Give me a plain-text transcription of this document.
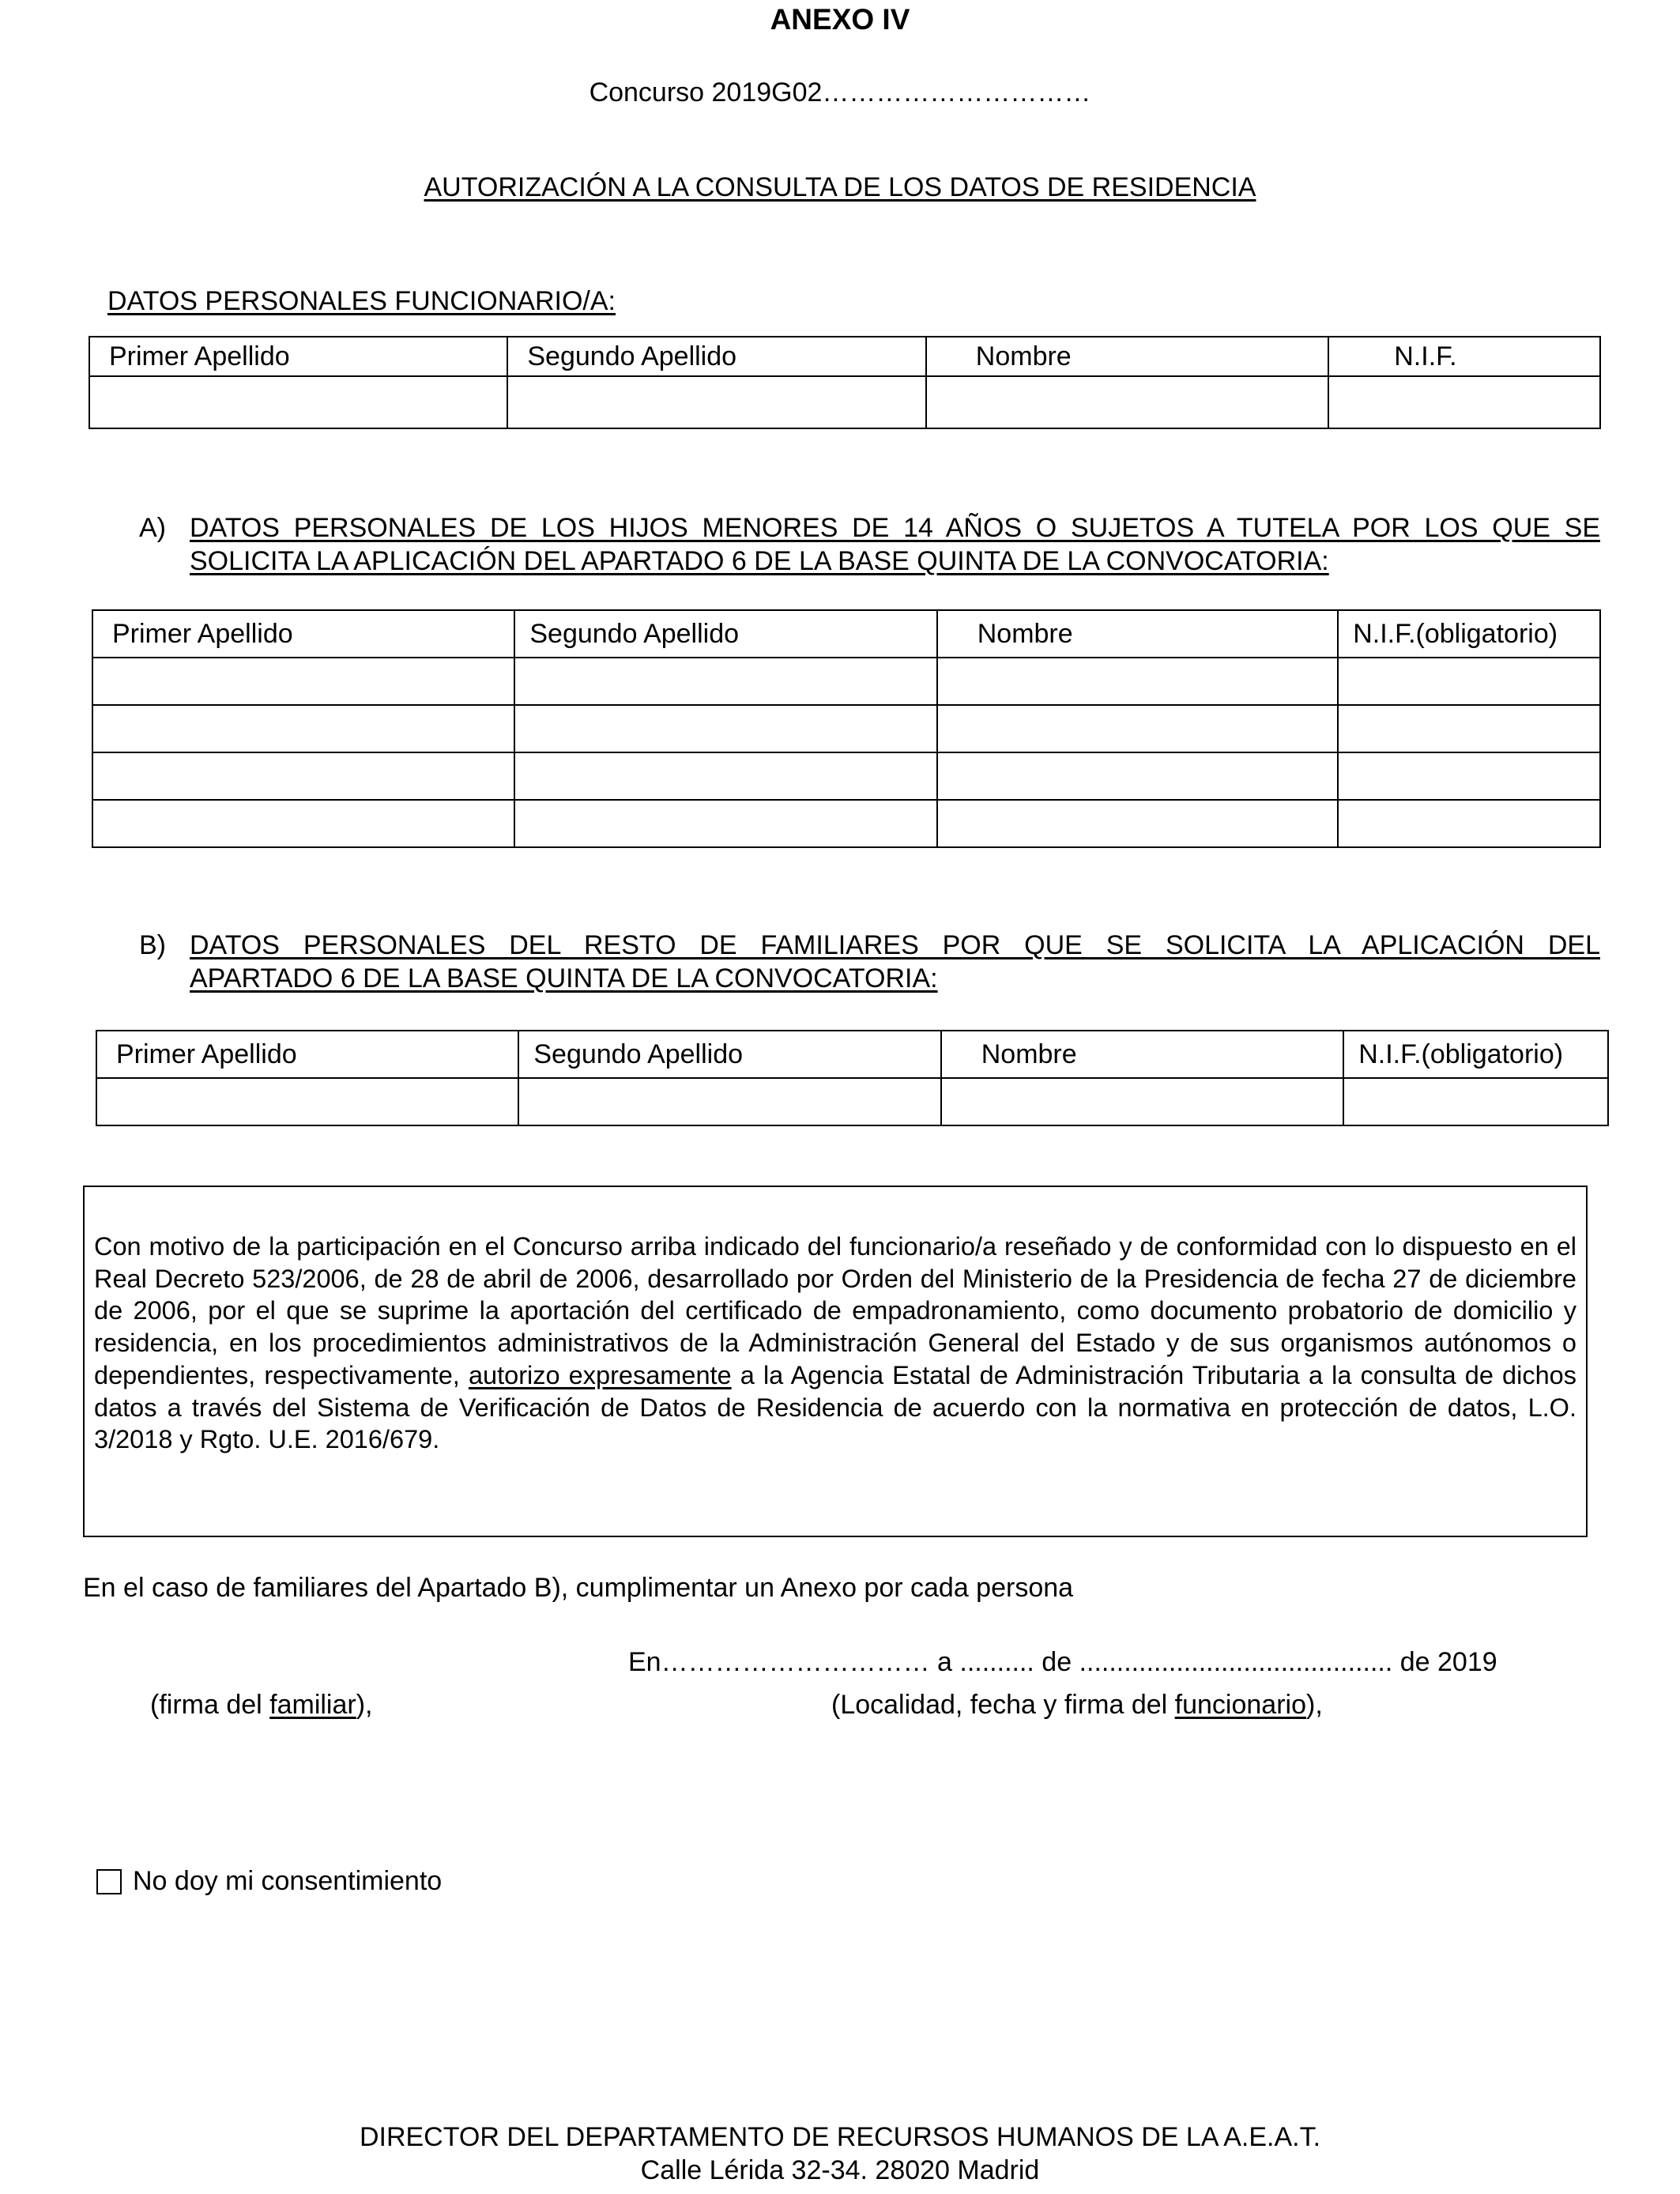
ANEXO IV
Concurso 2019G02…………………………
AUTORIZACIÓN A LA CONSULTA DE LOS DATOS DE RESIDENCIA
DATOS PERSONALES FUNCIONARIO/A:
Primer Apellido	Segundo Apellido	Nombre	N.I.F.

A) DATOS PERSONALES DE LOS HIJOS MENORES DE 14 AÑOS O SUJETOS A TUTELA POR LOS QUE SE
SOLICITA LA APLICACIÓN DEL APARTADO 6 DE LA BASE QUINTA DE LA CONVOCATORIA:
Primer Apellido	Segundo Apellido	Nombre	N.I.F.(obligatorio)

B) DATOS PERSONALES DEL RESTO DE FAMILIARES POR QUE SE SOLICITA LA APLICACIÓN DEL
APARTADO 6 DE LA BASE QUINTA DE LA CONVOCATORIA:
Primer Apellido	Segundo Apellido	Nombre	N.I.F.(obligatorio)

Con motivo de la participación en el Concurso arriba indicado del funcionario/a reseñado y de conformidad con lo dispuesto en el Real Decreto 523/2006, de 28 de abril de 2006, desarrollado por Orden del Ministerio de la Presidencia de fecha 27 de diciembre de 2006, por el que se suprime la aportación del certificado de empadronamiento, como documento probatorio de domicilio y residencia, en los procedimientos administrativos de la Administración General del Estado y de sus organismos autónomos o dependientes, respectivamente, autorizo expresamente a la Agencia Estatal de Administración Tributaria a la consulta de dichos datos a través del Sistema de Verificación de Datos de Residencia de acuerdo con la normativa en protección de datos, L.O. 3/2018 y Rgto. U.E. 2016/679.

En el caso de familiares del Apartado B), cumplimentar un Anexo por cada persona
En………………………… a .......... de .......................................... de 2019
(firma del familiar),	(Localidad, fecha y firma del funcionario),
No doy mi consentimiento
DIRECTOR DEL DEPARTAMENTO DE RECURSOS HUMANOS DE LA A.E.A.T.
Calle Lérida 32-34. 28020 Madrid
